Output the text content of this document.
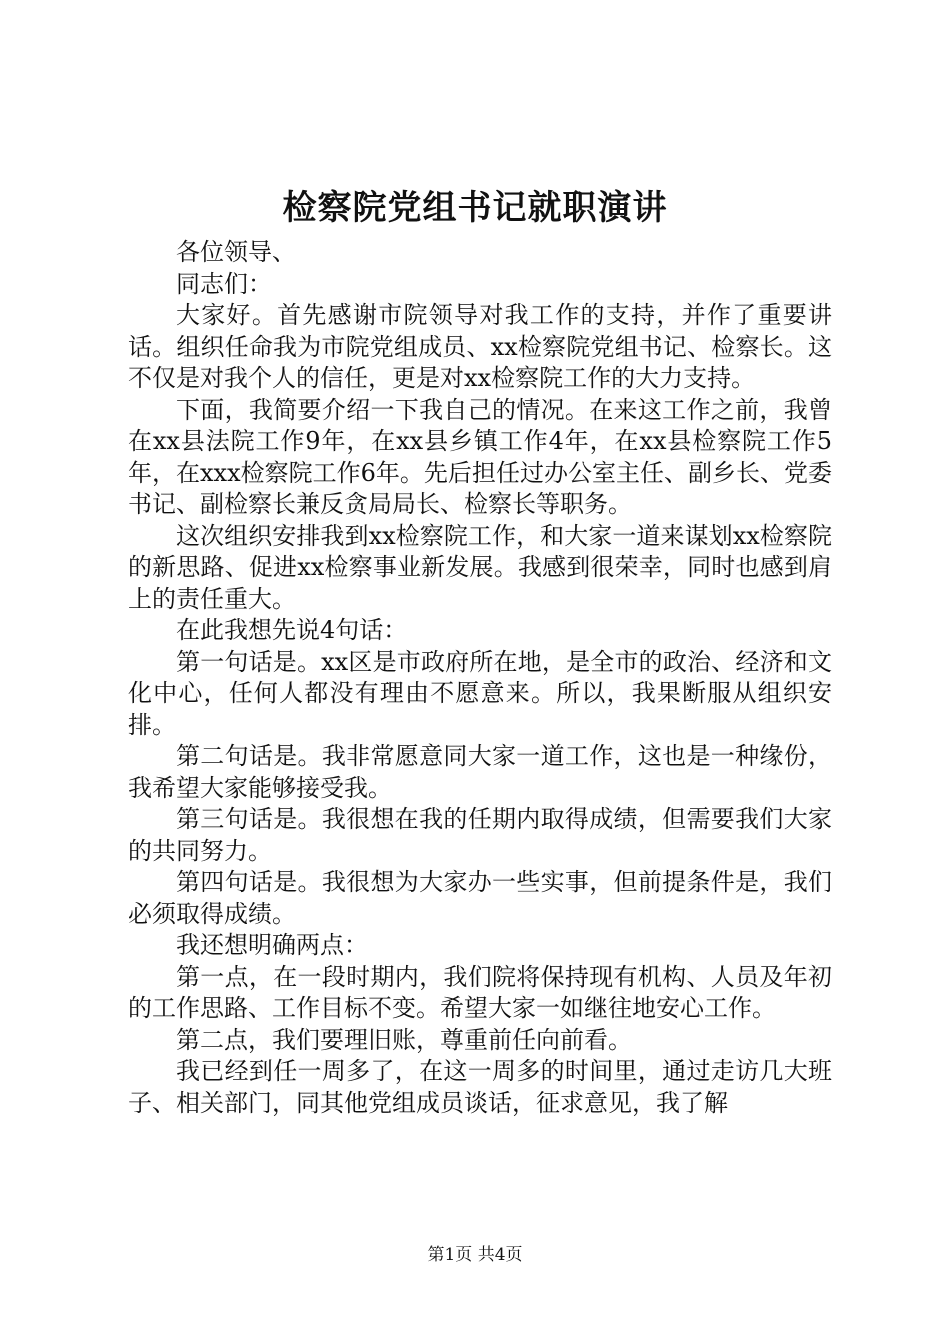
检察院党组书记就职演讲

各位领导、

同志们：

大家好。首先感谢市院领导对我工作的支持，并作了重要讲话。组织任命我为市院党组成员、xx检察院党组书记、检察长。这不仅是对我个人的信任，更是对xx检察院工作的大力支持。

下面，我简要介绍一下我自己的情况。在来这工作之前，我曾在xx县法院工作9年，在xx县乡镇工作4年，在xx县检察院工作5年，在xxx检察院工作6年。先后担任过办公室主任、副乡长、党委书记、副检察长兼反贪局局长、检察长等职务。

这次组织安排我到xx检察院工作，和大家一道来谋划xx检察院的新思路、促进xx检察事业新发展。我感到很荣幸，同时也感到肩上的责任重大。

在此我想先说4句话：

第一句话是。xx区是市政府所在地，是全市的政治、经济和文化中心，任何人都没有理由不愿意来。所以，我果断服从组织安排。

第二句话是。我非常愿意同大家一道工作，这也是一种缘份，我希望大家能够接受我。

第三句话是。我很想在我的任期内取得成绩，但需要我们大家的共同努力。

第四句话是。我很想为大家办一些实事，但前提条件是，我们必须取得成绩。

我还想明确两点：

第一点，在一段时期内，我们院将保持现有机构、人员及年初的工作思路、工作目标不变。希望大家一如继往地安心工作。

第二点，我们要理旧账，尊重前任向前看。

我已经到任一周多了，在这一周多的时间里，通过走访几大班子、相关部门，同其他党组成员谈话，征求意见，我了解

第1页 共4页
